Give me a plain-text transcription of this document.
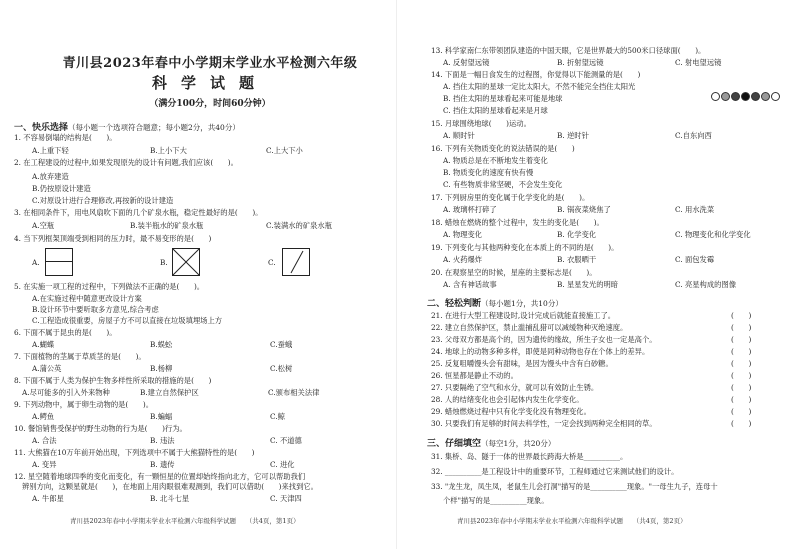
青川县2023年春中小学期末学业水平检测六年级
科学试题
（满分100分，时间60分钟）
一、快乐选择（每小题一个选项符合题意；每小题2分，共40分）
1. 不容易倒塌的结构是(　　)。
A.上重下轻	B.上小下大	C.上大下小
2. 在工程建设的过程中,如果发现原先的设计有问题,我们应该(　　)。
A.放弃建造
B.仍按原设计建造
C.对原设计进行合理修改,再按新的设计建造
3. 在相同条件下，用电风扇吹下面的几个矿泉水瓶，稳定性最好的是(　　)。
A.空瓶	B.装半瓶水的矿泉水瓶	C.装满水的矿泉水瓶
4. 当下列框架顶端受到相同的压力时，最不易变形的是(　　)
A.	B.	C.
5. 在实施一项工程的过程中，下列做法不正确的是(　　)。
A.在实施过程中随意更改设计方案
B.设计环节中要听取多方意见,综合考虑
C.工程造成很重要，房屋子方不可以直接在垃圾填埋场上方
6. 下面不属于昆虫的是(　　)。
A.蝴蝶	B.蜈蚣	C.蚕蛾
7. 下面植物的茎属于草质茎的是(　　)。
A.蒲公英	B.杨柳	C.松树
8. 下面不属于人类为保护生物多样性所采取的措施的是(　　)
A.尽可能多的引入外来物种	B.建立自然保护区	C.颁布相关法律
9. 下列动物中，属于卵生动物的是(　　)。
A.鳄鱼	B.蝙蝠	C.鲸
10. 餐馆销售受保护的野生动物的行为是(　　)行为。
A. 合法	B. 违法	C. 不道德
11. 大熊猫在10万年前开始出现，下列选项中不属于大熊猫特性的是(　　)
A. 变异	B. 遗传	C. 进化
12. 星空随着地球四季的变化而变化，有一颗恒星的位置却始终指向北方，它可以帮助我们
辨别方向，这颗星就是(　　)，在地面上用肉眼很难观测到，我们可以借助(　　)来找到它。
A. 牛郎星	B. 北斗七星	C. 天津四
青川县2023年春中小学期末学业水平检测六年级科学试题　　（共4页，第1页）
13. 科学家南仁东带领团队建造的中国天眼，它是世界最大的500米口径球面(　　)。
A. 反射望远镜	B. 折射望远镜	C. 射电望远镜
14. 下面是一幅日食发生的过程图，你觉得以下能测量的是(　　)
A. 挡住太阳的星球一定比太阳大，不然不能完全挡住太阳光
B. 挡住太阳的星球看起来可能是地球
C. 挡住太阳的星球看起来是月球
15. 月球围绕地球(　　)运动。
A. 顺时针	B. 逆时针	C.自东向西
16. 下列有关物质变化的说法错误的是(　　)
A. 物质总是在不断地发生着变化
B. 物质变化的速度有快有慢
C. 有些物质非常坚硬，不会发生变化
17. 下列厨房里的变化属于化学变化的是(　　)。
A. 玻璃杯打碎了	B. 锅夜菜烧焦了	C. 用水洗菜
18. 蜡烛在燃烧的整个过程中，发生的变化是(　　)。
A. 物理变化	B. 化学变化	C. 物理变化和化学变化
19. 下列变化与其他两种变化在本质上的不同的是(　　)。
A. 火药爆炸	B. 衣服晒干	C. 面包发霉
20. 在观察星空的时候，星座的主要标志是(　　)。
A. 含有神话故事	B. 星星发光的明暗	C. 亮星构成的图像
二、轻松判断（每小题1分，共10分）
21. 在进行大型工程建设时,设计完成后就能直接施工了。	(　　)
22. 建立自然保护区，禁止滥捕乱猎可以减缓物种灭绝速度。	(　　)
23. 父母双方都是高个的，因为遗传的缘故，所生子女也一定是高个。	(　　)
24. 地球上的动物多种多样，即使是同种动物也存在个体上的差异。	(　　)
25. 反复咀嚼馒头会有甜味，是因为馒头中含有白砂糖。	(　　)
26. 恒星都是静止不动的。	(　　)
27. 只要隔绝了空气和水分，就可以有效防止生锈。	(　　)
28. 人的结绪变化也会引起体内发生化学变化。	(　　)
29. 蜡烛燃烧过程中只有化学变化没有物理变化。	(　　)
30. 只要我们有足够的时间去科学性，一定会找到两种完全相同的草。	(　　)
三、仔细填空（每空1分，共20分）
31. 集桥、岛、隧于一体的世界最长跨海大桥是__________。
32. __________是工程设计中的重要环节，工程师通过它来测试他们的设计。
33. "龙生龙，凤生凤，老鼠生儿会打洞"描写的是__________现象。"一母生九子，连母十
个样"描写的是__________现象。
青川县2023年春中小学期末学业水平检测六年级科学试题　　（共4页，第2页）
